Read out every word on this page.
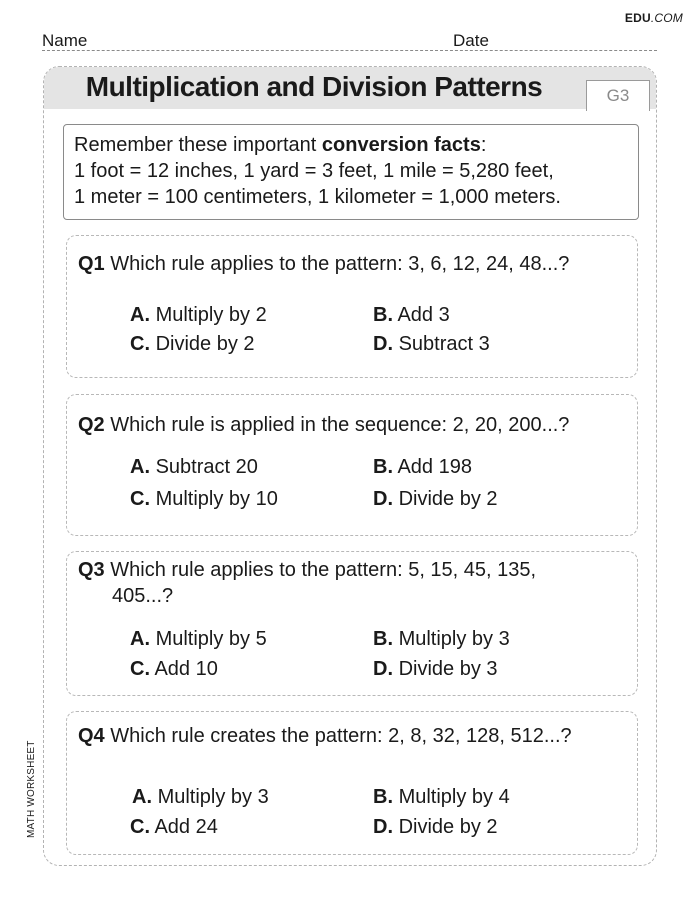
EDU.COM
Name	Date
Multiplication and Division Patterns	G3
Remember these important conversion facts:
1 foot = 12 inches, 1 yard = 3 feet, 1 mile = 5,280 feet,
1 meter = 100 centimeters, 1 kilometer = 1,000 meters.
Q1 Which rule applies to the pattern: 3, 6, 12, 24, 48...?
A. Multiply by 2	B. Add 3
C. Divide by 2	D. Subtract 3
Q2 Which rule is applied in the sequence: 2, 20, 200...?
A. Subtract 20	B. Add 198
C. Multiply by 10	D. Divide by 2
Q3 Which rule applies to the pattern: 5, 15, 45, 135,
405...?
A. Multiply by 5	B. Multiply by 3
C. Add 10	D. Divide by 3
Q4 Which rule creates the pattern: 2, 8, 32, 128, 512...?
A. Multiply by 3	B. Multiply by 4
C. Add 24	D. Divide by 2
MATH WORKSHEET
